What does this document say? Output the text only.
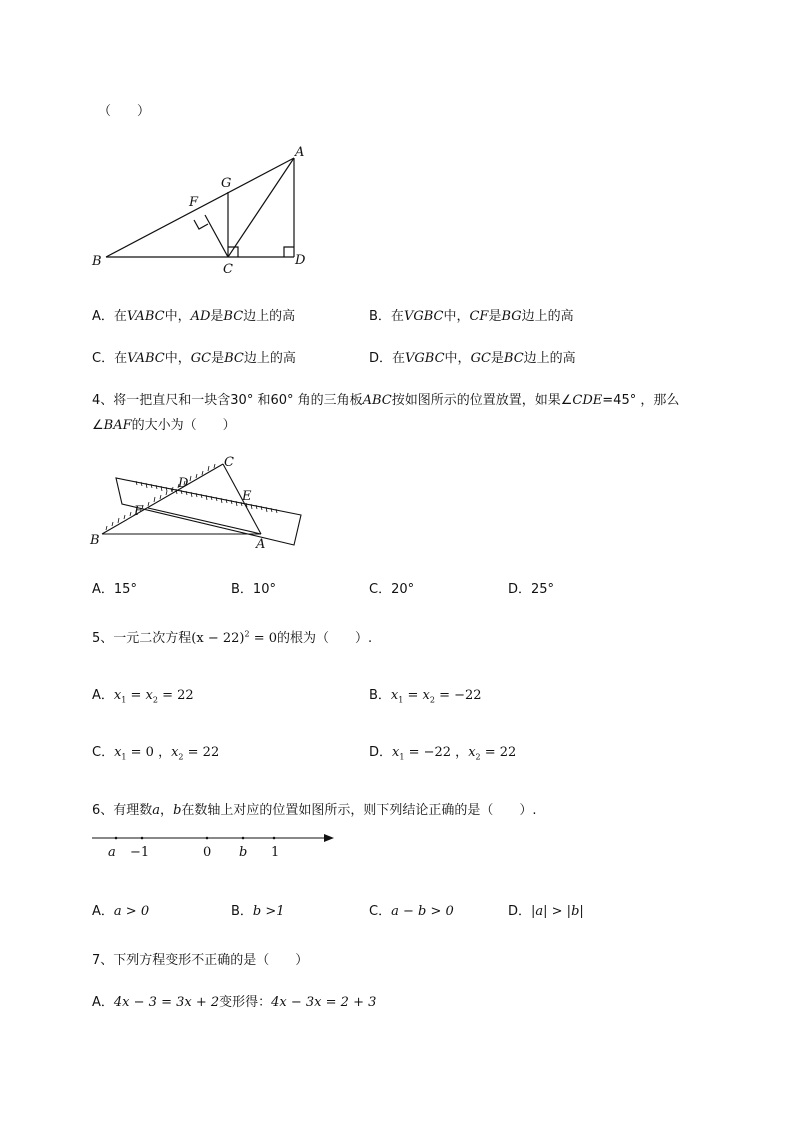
（　　）
A
B
C
D
F
G
A．在VABC中，AD是BC边上的高	B．在VGBC中，CF是BG边上的高
C．在VABC中，GC是BC边上的高	D．在VGBC中，GC是BC边上的高
4、将一把直尺和一块含30° 和60° 角的三角板ABC按如图所示的位置放置，如果∠CDE=45° ，那么
∠BAF的大小为（　　）
C
D
E
F
B	A
A．15°	B．10°	C．20°	D．25°
5、一元二次方程$(x - 22)^2 = 0$的根为（　　）.
A．$x_1 = x_2 = 22$	B．$x_1 = x_2 = -22$
C．$x_1 = 0$ ，$x_2 = 22$	D．$x_1 = -22$ ，$x_2 = 22$
6、有理数a，b在数轴上对应的位置如图所示，则下列结论正确的是（　　）.
a −1	0 b 1
A．a > 0	B．b >1	C．a − b > 0	D．|a| > |b|
7、下列方程变形不正确的是（　　）
A．4x − 3 = 3x + 2变形得：4x − 3x = 2 + 3
